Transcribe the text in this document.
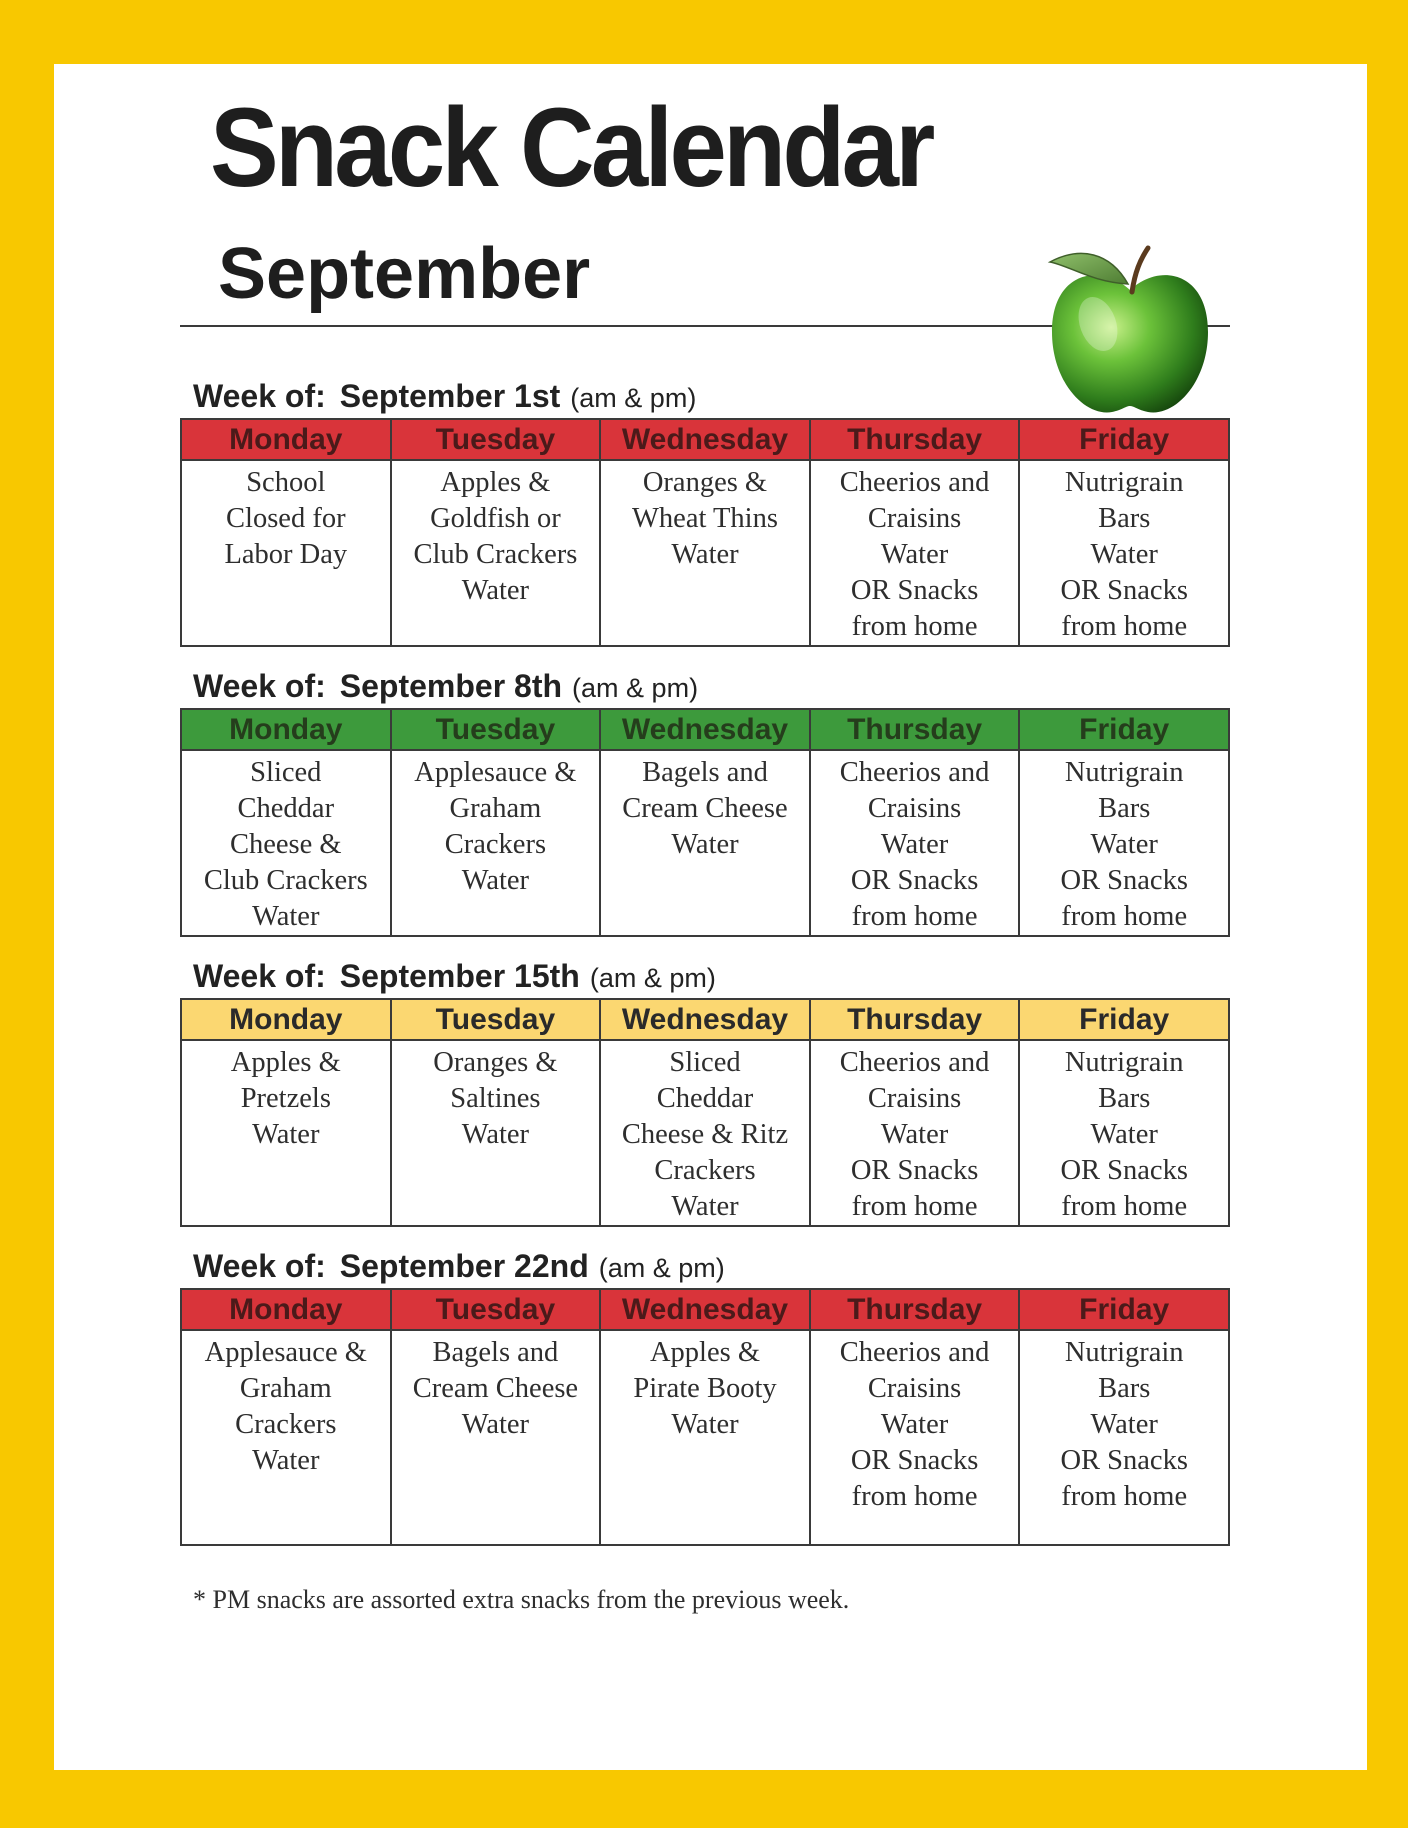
Snack Calendar
September
Week of: September 1st (am & pm)
Monday	Tuesday	Wednesday	Thursday	Friday

School
Closed for
Labor Day	Apples &
Goldfish or
Club Crackers
Water	Oranges &
Wheat Thins
Water	Cheerios and
Craisins
Water
OR Snacks
from home	Nutrigrain
Bars
Water
OR Snacks
from home
Week of: September 8th (am & pm)
Monday	Tuesday	Wednesday	Thursday	Friday

Sliced
Cheddar
Cheese &
Club Crackers
Water	Applesauce &
Graham
Crackers
Water	Bagels and
Cream Cheese
Water	Cheerios and
Craisins
Water
OR Snacks
from home	Nutrigrain
Bars
Water
OR Snacks
from home
Week of: September 15th (am & pm)
Monday	Tuesday	Wednesday	Thursday	Friday

Apples &
Pretzels
Water	Oranges &
Saltines
Water	Sliced
Cheddar
Cheese & Ritz
Crackers
Water	Cheerios and
Craisins
Water
OR Snacks
from home	Nutrigrain
Bars
Water
OR Snacks
from home
Week of: September 22nd (am & pm)
Monday	Tuesday	Wednesday	Thursday	Friday

Applesauce &
Graham
Crackers
Water	Bagels and
Cream Cheese
Water	Apples &
Pirate Booty
Water	Cheerios and
Craisins
Water
OR Snacks
from home	Nutrigrain
Bars
Water
OR Snacks
from home

* PM snacks are assorted extra snacks from the previous week.
